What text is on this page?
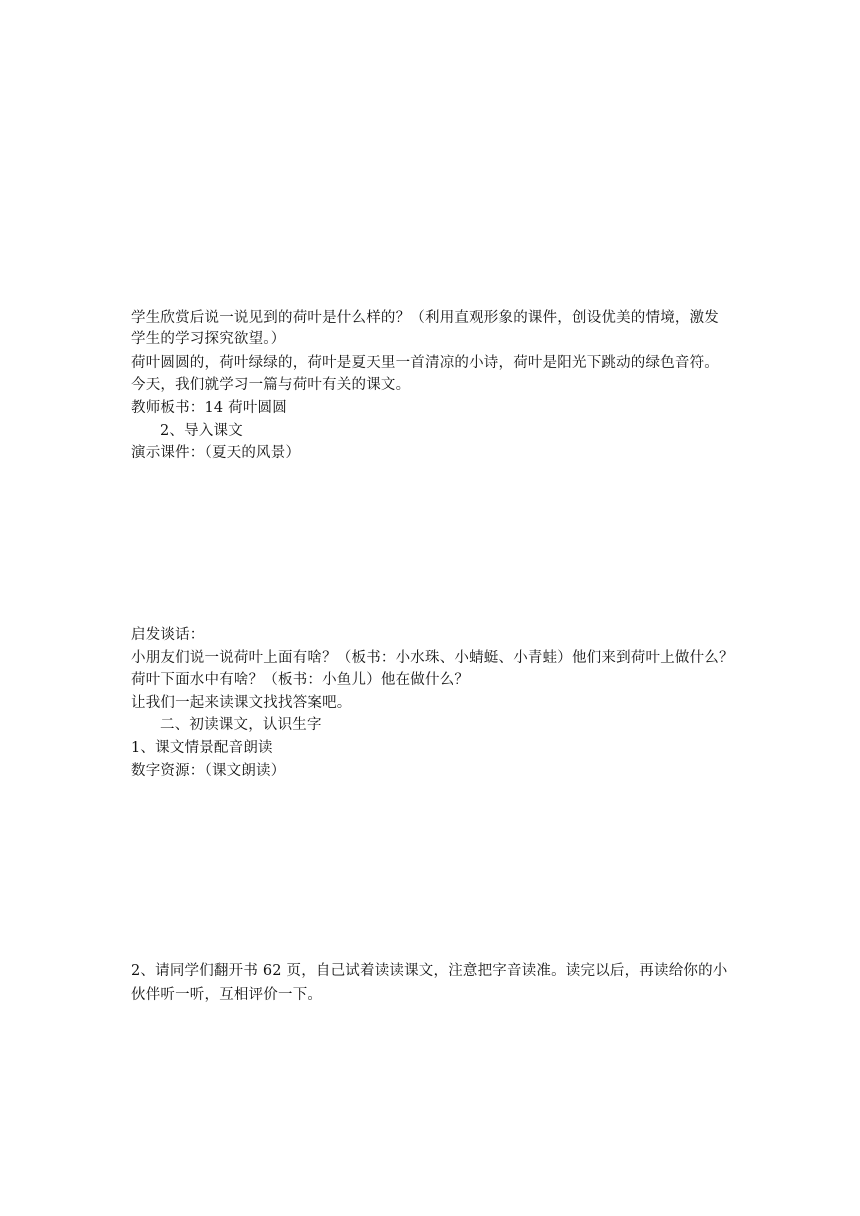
学生欣赏后说一说见到的荷叶是什么样的？（利用直观形象的课件，创设优美的情境，激发
学生的学习探究欲望。）
荷叶圆圆的，荷叶绿绿的，荷叶是夏天里一首清凉的小诗，荷叶是阳光下跳动的绿色音符。
今天，我们就学习一篇与荷叶有关的课文。
教师板书：14 荷叶圆圆
2、导入课文
演示课件：（夏天的风景）
启发谈话：
小朋友们说一说荷叶上面有啥？（板书：小水珠、小蜻蜓、小青蛙）他们来到荷叶上做什么？
荷叶下面水中有啥？（板书：小鱼儿）他在做什么？
让我们一起来读课文找找答案吧。
二、初读课文，认识生字
1、课文情景配音朗读
数字资源：（课文朗读）
2、请同学们翻开书 62 页，自己试着读读课文，注意把字音读准。读完以后，再读给你的小
伙伴听一听，互相评价一下。
